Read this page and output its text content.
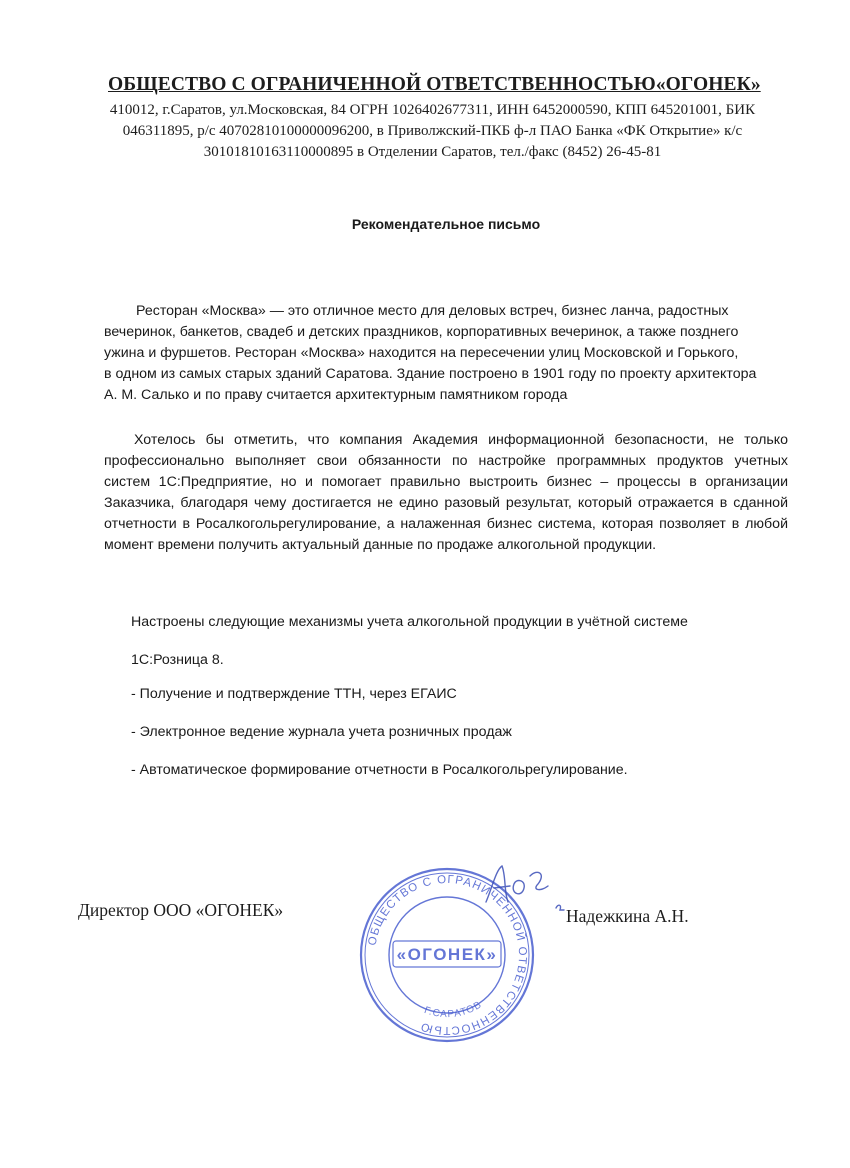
ОБЩЕСТВО С ОГРАНИЧЕННОЙ ОТВЕТСТВЕННОСТЬЮ«ОГОНЕК»
410012, г.Саратов, ул.Московская, 84 ОГРН 1026402677311, ИНН 6452000590, КПП 645201001, БИК
046311895, р/с 40702810100000096200, в Приволжский-ПКБ ф-л ПАО Банка «ФК Открытие» к/с
30101810163110000895 в Отделении Саратов, тел./факс (8452) 26-45-81
Рекомендательное письмо
Ресторан «Москва» — это отличное место для деловых встреч, бизнес ланча, радостных
вечеринок, банкетов, свадеб и детских праздников, корпоративных вечеринок, а также позднего
ужина и фуршетов. Ресторан «Москва» находится на пересечении улиц Московской и Горького,
в одном из самых старых зданий Саратова. Здание построено в 1901 году по проекту архитектора
А. М. Салько и по праву считается архитектурным памятником города
Хотелось бы отметить, что компания Академия информационной безопасности, не только
профессионально выполняет свои обязанности по настройке программных продуктов учетных
систем 1С:Предприятие, но и помогает правильно выстроить бизнес – процессы в организации
Заказчика, благодаря чему достигается не едино разовый результат, который отражается в сданной
отчетности в Росалкогольрегулирование, а налаженная бизнес система, которая позволяет в любой
момент времени получить актуальный данные по продаже алкогольной продукции.
Настроены следующие механизмы учета алкогольной продукции в учётной системе
1С:Розница 8.
- Получение и подтверждение ТТН, через ЕГАИС
- Электронное ведение журнала учета розничных продаж
- Автоматическое формирование отчетности в Росалкогольрегулирование.
Директор ООО «ОГОНЕК»
ОБЩЕСТВО С ОГРАНИЧЕННОЙ ОТВЕТСТВЕННОСТЬЮ
«ОГОНЕК»
Г.САРАТОВ
Надежкина А.Н.
